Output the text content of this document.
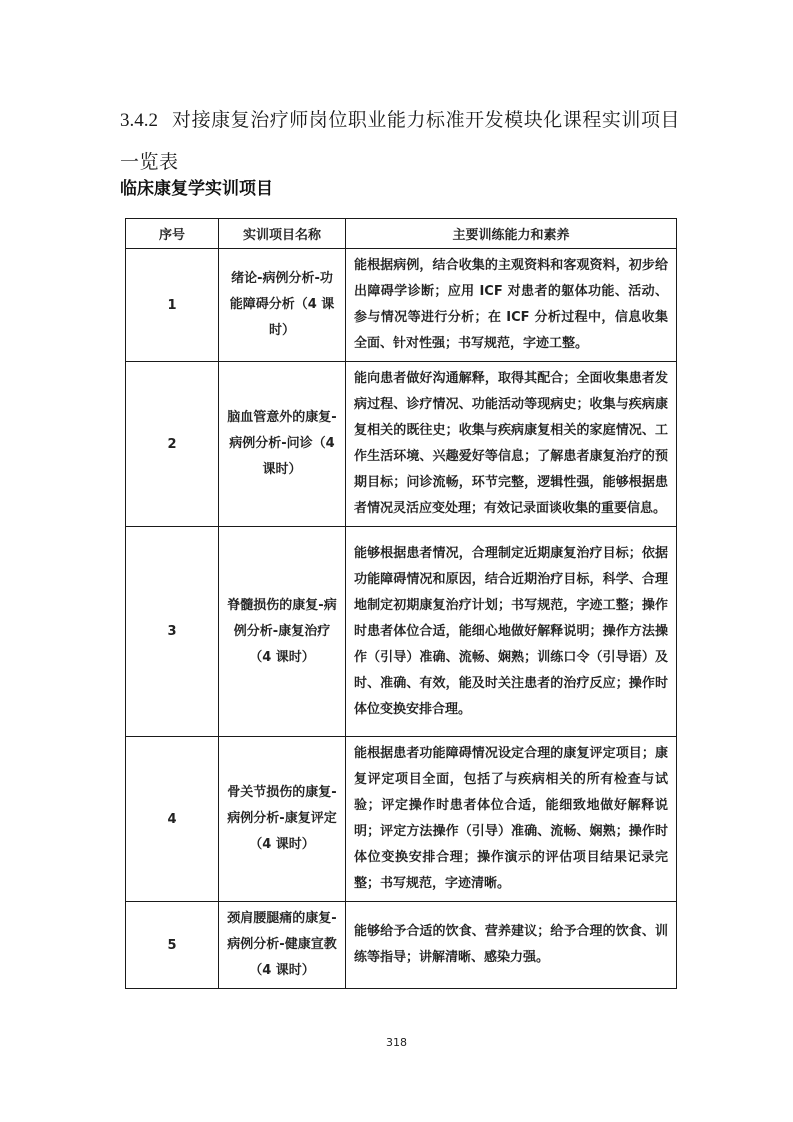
3.4.2 对接康复治疗师岗位职业能力标准开发模块化课程实训项目一览表
临床康复学实训项目
序号	实训项目名称	主要训练能力和素养
1	绪论-病例分析-功能障碍分析（4 课时）	能根据病例，结合收集的主观资料和客观资料，初步给出障碍学诊断；应用 ICF 对患者的躯体功能、活动、参与情况等进行分析；在 ICF 分析过程中，信息收集全面、针对性强；书写规范，字迹工整。
2	脑血管意外的康复-病例分析-问诊（4 课时）	能向患者做好沟通解释，取得其配合；全面收集患者发病过程、诊疗情况、功能活动等现病史；收集与疾病康复相关的既往史；收集与疾病康复相关的家庭情况、工作生活环境、兴趣爱好等信息；了解患者康复治疗的预期目标；问诊流畅，环节完整，逻辑性强，能够根据患者情况灵活应变处理；有效记录面谈收集的重要信息。
3	脊髓损伤的康复-病例分析-康复治疗（4 课时）	能够根据患者情况，合理制定近期康复治疗目标；依据功能障碍情况和原因，结合近期治疗目标，科学、合理地制定初期康复治疗计划；书写规范，字迹工整；操作时患者体位合适，能细心地做好解释说明；操作方法操作（引导）准确、流畅、娴熟；训练口令（引导语）及时、准确、有效，能及时关注患者的治疗反应；操作时体位变换安排合理。
4	骨关节损伤的康复-病例分析-康复评定（4 课时）	能根据患者功能障碍情况设定合理的康复评定项目；康复评定项目全面，包括了与疾病相关的所有检查与试验；评定操作时患者体位合适，能细致地做好解释说明；评定方法操作（引导）准确、流畅、娴熟；操作时体位变换安排合理；操作演示的评估项目结果记录完整；书写规范，字迹清晰。
5	颈肩腰腿痛的康复-病例分析-健康宣教（4 课时）	能够给予合适的饮食、营养建议；给予合理的饮食、训练等指导；讲解清晰、感染力强。
318
